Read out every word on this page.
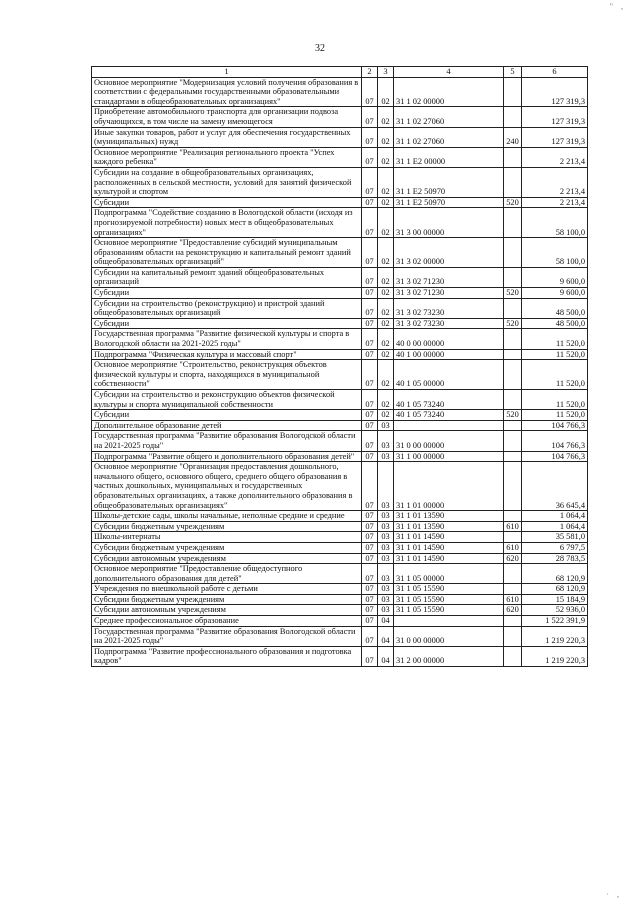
" ,
32
1	2	3	4	5	6
Основное мероприятие "Модернизация условий получения образования в соответствии с федеральными государственными образовательными стандартами в общеобразовательных организациях"	07	02	31 1 02 00000		127 319,3
Приобретение автомобильного транспорта для организации подвоза обучающихся, в том числе на замену имеющегося	07	02	31 1 02 27060		127 319,3
Иные закупки товаров, работ и услуг для обеспечения государственных (муниципальных) нужд	07	02	31 1 02 27060	240	127 319,3
Основное мероприятие "Реализация регионального проекта "Успех каждого ребенка"	07	02	31 1 E2 00000		2 213,4
Субсидии на создание в общеобразовательных организациях, расположенных в сельской местности, условий для занятий физической культурой и спортом	07	02	31 1 E2 50970		2 213,4
Субсидии	07	02	31 1 E2 50970	520	2 213,4
Подпрограмма "Содействие созданию в Вологодской области (исходя из прогнозируемой потребности) новых мест в общеобразовательных организациях"	07	02	31 3 00 00000		58 100,0
Основное мероприятие "Предоставление субсидий муниципальным образованиям области на реконструкцию и капитальный ремонт зданий общеобразовательных организаций"	07	02	31 3 02 00000		58 100,0
Субсидии на капитальный ремонт зданий общеобразовательных организаций	07	02	31 3 02 71230		9 600,0
Субсидии	07	02	31 3 02 71230	520	9 600,0
Субсидии на строительство (реконструкцию) и пристрой зданий общеобразовательных организаций	07	02	31 3 02 73230		48 500,0
Субсидии	07	02	31 3 02 73230	520	48 500,0
Государственная программа "Развитие физической культуры и спорта в Вологодской области на 2021-2025 годы"	07	02	40 0 00 00000		11 520,0
Подпрограмма "Физическая культура и массовый спорт"	07	02	40 1 00 00000		11 520,0
Основное мероприятие "Строительство, реконструкция объектов физической культуры и спорта, находящихся в муниципальной собственности"	07	02	40 1 05 00000		11 520,0
Субсидии на строительство и реконструкцию объектов физической культуры и спорта муниципальной собственности	07	02	40 1 05 73240		11 520,0
Субсидии	07	02	40 1 05 73240	520	11 520,0
Дополнительное образование детей	07	03			104 766,3
Государственная программа "Развитие образования Вологодской области на 2021-2025 годы"	07	03	31 0 00 00000		104 766,3
Подпрограмма "Развитие общего и дополнительного образования детей"	07	03	31 1 00 00000		104 766,3
Основное мероприятие "Организация предоставления дошкольного, начального общего, основного общего, среднего общего образования в частных дошкольных, муниципальных и государственных образовательных организациях, а также дополнительного образования в общеобразовательных организациях"	07	03	31 1 01 00000		36 645,4
Школы-детские сады, школы начальные, неполные средние и средние	07	03	31 1 01 13590		1 064,4
Субсидии бюджетным учреждениям	07	03	31 1 01 13590	610	1 064,4
Школы-интернаты	07	03	31 1 01 14590		35 581,0
Субсидии бюджетным учреждениям	07	03	31 1 01 14590	610	6 797,5
Субсидии автономным учреждениям	07	03	31 1 01 14590	620	28 783,5
Основное мероприятие "Предоставление общедоступного дополнительного образования для детей"	07	03	31 1 05 00000		68 120,9
Учреждения по внешкольной работе с детьми	07	03	31 1 05 15590		68 120,9
Субсидии бюджетным учреждениям	07	03	31 1 05 15590	610	15 184,9
Субсидии автономным учреждениям	07	03	31 1 05 15590	620	52 936,0
Среднее профессиональное образование	07	04			1 522 391,9
Государственная программа "Развитие образования Вологодской области на 2021-2025 годы"	07	04	31 0 00 00000		1 219 220,3
Подпрограмма "Развитие профессионального образования и подготовка кадров"	07	04	31 2 00 00000		1 219 220,3
· ,
